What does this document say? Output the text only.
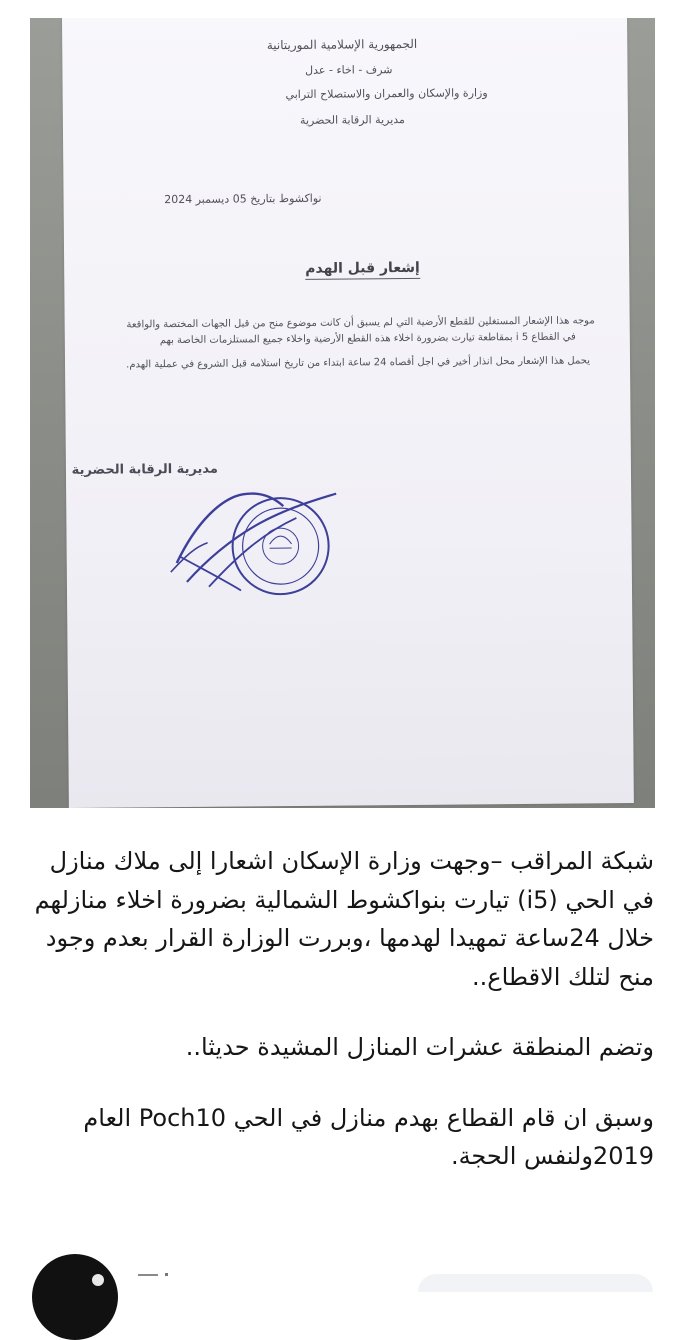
الجمهورية الإسلامية الموريتانية
شرف - اخاء - عدل
وزارة والإسكان والعمران والاستصلاح الترابي
مديرية الرقابة الحضرية
نواكشوط بتاريخ 05 ديسمبر 2024
إشعار قبل الهدم
موجه هذا الإشعار المستغلين للقطع الأرضية التي لم يسبق أن كانت موضوع منح من قبل الجهات المختصة والواقعة
في القطاع 5 i بمقاطعة تيارت بضرورة اخلاء هذه القطع الأرضية واخلاء جميع المستلزمات الخاصة بهم
يحمل هذا الإشعار محل انذار أخير في اجل أقصاه 24 ساعة ابتداء من تاريخ استلامه قبل الشروع في عملية الهدم.
مديرية الرقابة الحضرية

شبكة المراقب –وجهت وزارة الإسكان اشعارا إلى ملاك منازل في الحي (i5) تيارت بنواكشوط الشمالية بضرورة اخلاء منازلهم خلال 24ساعة تمهيدا لهدمها ،وبررت الوزارة القرار بعدم وجود منح لتلك الاقطاع..

وتضم المنطقة عشرات المنازل المشيدة حديثا..

وسبق ان قام القطاع بهدم منازل في الحي Poch10 العام 2019ولنفس الحجة.
